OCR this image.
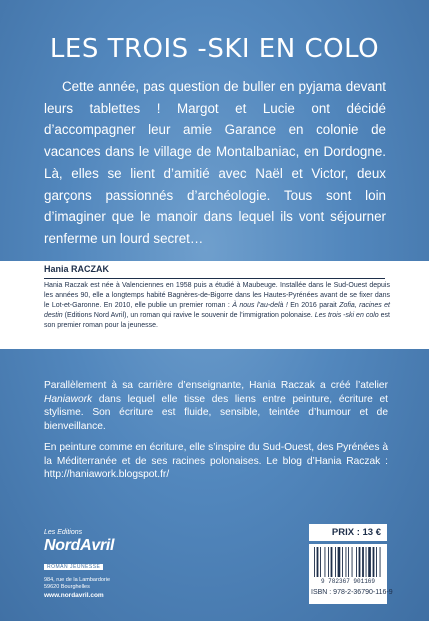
LES TROIS -SKI EN COLO

Cette année, pas question de buller en pyjama devant leurs tablettes ! Margot et Lucie ont décidé d’accompagner leur amie Garance en colonie de vacances dans le village de Montalbaniac, en Dordogne. Là, elles se lient d’amitié avec Naël et Victor, deux garçons passionnés d’archéologie. Tous sont loin d’imaginer que le manoir dans lequel ils vont séjourner renferme un lourd secret…

Hania RACZAK
Hania Raczak est née à Valenciennes en 1958 puis a étudié à Maubeuge. Installée dans le Sud-Ouest depuis les années 90, elle a longtemps habité Bagnères-de-Bigorre dans les Hautes-Pyrénées avant de se fixer dans le Lot-et-Garonne. En 2010, elle publie un premier roman : À nous l’au-delà ! En 2016 parait Zofia, racines et destin (Editions Nord Avril), un roman qui ravive le souvenir de l’immigration polonaise. Les trois -ski en colo est son premier roman pour la jeunesse.

Parallèlement à sa carrière d’enseignante, Hania Raczak a créé l’atelier Haniawork dans lequel elle tisse des liens entre peinture, écriture et stylisme. Son écriture est fluide, sensible, teintée d’humour et de bienveillance.

En peinture comme en écriture, elle s’inspire du Sud-Ouest, des Pyrénées à la Méditerranée et de ses racines polonaises. Le blog d’Hania Raczak : http://haniawork.blogspot.fr/

Les Editions
NordAvril
ROMAN JEUNESSE
984, rue de la Lambardorie
59620 Bourghelles
www.nordavril.com
PRIX : 13 €
9 782367 901169
ISBN : 978-2-36790-116-9
